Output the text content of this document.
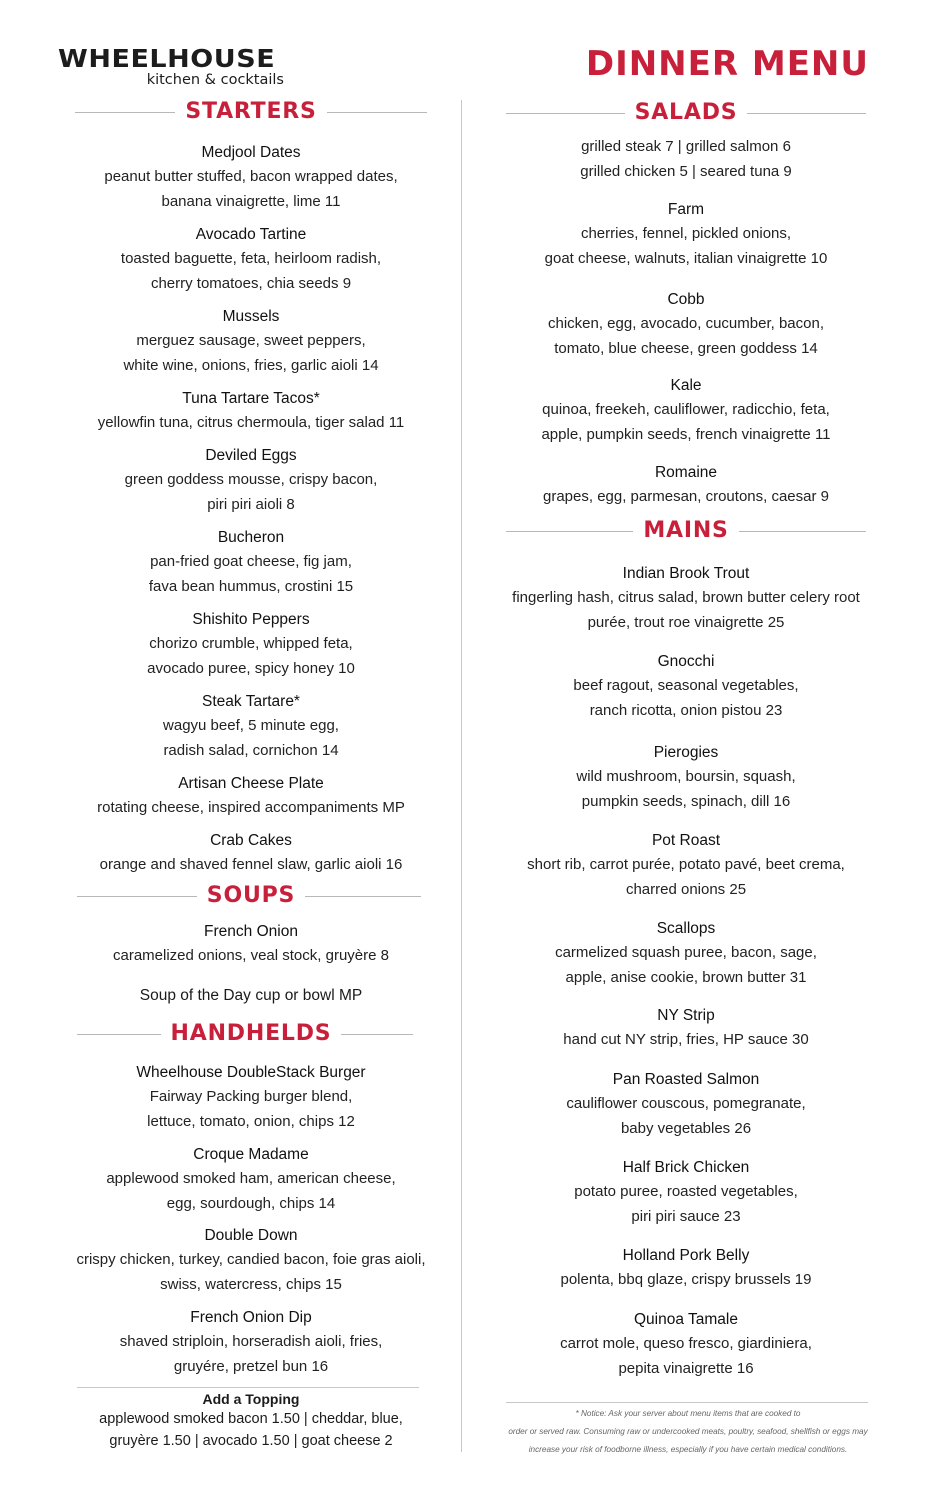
WHEELHOUSE
kitchen & cocktails	DINNER MENU
STARTERS
Medjool Dates
peanut butter stuffed, bacon wrapped dates,
banana vinaigrette, lime 11
Avocado Tartine
toasted baguette, feta, heirloom radish,
cherry tomatoes, chia seeds 9
Mussels
merguez sausage, sweet peppers,
white wine, onions, fries, garlic aioli 14
Tuna Tartare Tacos*
yellowfin tuna, citrus chermoula, tiger salad 11
Deviled Eggs
green goddess mousse, crispy bacon,
piri piri aioli 8
Bucheron
pan-fried goat cheese, fig jam,
fava bean hummus, crostini 15
Shishito Peppers
chorizo crumble, whipped feta,
avocado puree, spicy honey 10
Steak Tartare*
wagyu beef, 5 minute egg,
radish salad, cornichon 14
Artisan Cheese Plate
rotating cheese, inspired accompaniments MP
Crab Cakes
orange and shaved fennel slaw, garlic aioli 16
SOUPS
French Onion
caramelized onions, veal stock, gruyère 8
Soup of the Day cup or bowl MP
HANDHELDS
Wheelhouse DoubleStack Burger
Fairway Packing burger blend,
lettuce, tomato, onion, chips 12
Croque Madame
applewood smoked ham, american cheese,
egg, sourdough, chips 14
Double Down
crispy chicken, turkey, candied bacon, foie gras aioli,
swiss, watercress, chips 15
French Onion Dip
shaved striploin, horseradish aioli, fries,
gruyére, pretzel bun 16
Add a Topping
applewood smoked bacon 1.50 | cheddar, blue,
gruyère 1.50 | avocado 1.50 | goat cheese 2
SALADS
grilled steak 7 | grilled salmon 6
grilled chicken 5 | seared tuna 9
Farm
cherries, fennel, pickled onions,
goat cheese, walnuts, italian vinaigrette 10
Cobb
chicken, egg, avocado, cucumber, bacon,
tomato, blue cheese, green goddess 14
Kale
quinoa, freekeh, cauliflower, radicchio, feta,
apple, pumpkin seeds, french vinaigrette 11
Romaine
grapes, egg, parmesan, croutons, caesar 9
MAINS
Indian Brook Trout
fingerling hash, citrus salad, brown butter celery root
purée, trout roe vinaigrette 25
Gnocchi
beef ragout, seasonal vegetables,
ranch ricotta, onion pistou 23
Pierogies
wild mushroom, boursin, squash,
pumpkin seeds, spinach, dill 16
Pot Roast
short rib, carrot purée, potato pavé, beet crema,
charred onions 25
Scallops
carmelized squash puree, bacon, sage,
apple, anise cookie, brown butter 31
NY Strip
hand cut NY strip, fries, HP sauce 30
Pan Roasted Salmon
cauliflower couscous, pomegranate,
baby vegetables 26
Half Brick Chicken
potato puree, roasted vegetables,
piri piri sauce 23
Holland Pork Belly
polenta, bbq glaze, crispy brussels 19
Quinoa Tamale
carrot mole, queso fresco, giardiniera,
pepita vinaigrette 16
* Notice: Ask your server about menu items that are cooked to
order or served raw. Consuming raw or undercooked meats, poultry, seafood, shellfish or eggs may
increase your risk of foodborne illness, especially if you have certain medical conditions.
